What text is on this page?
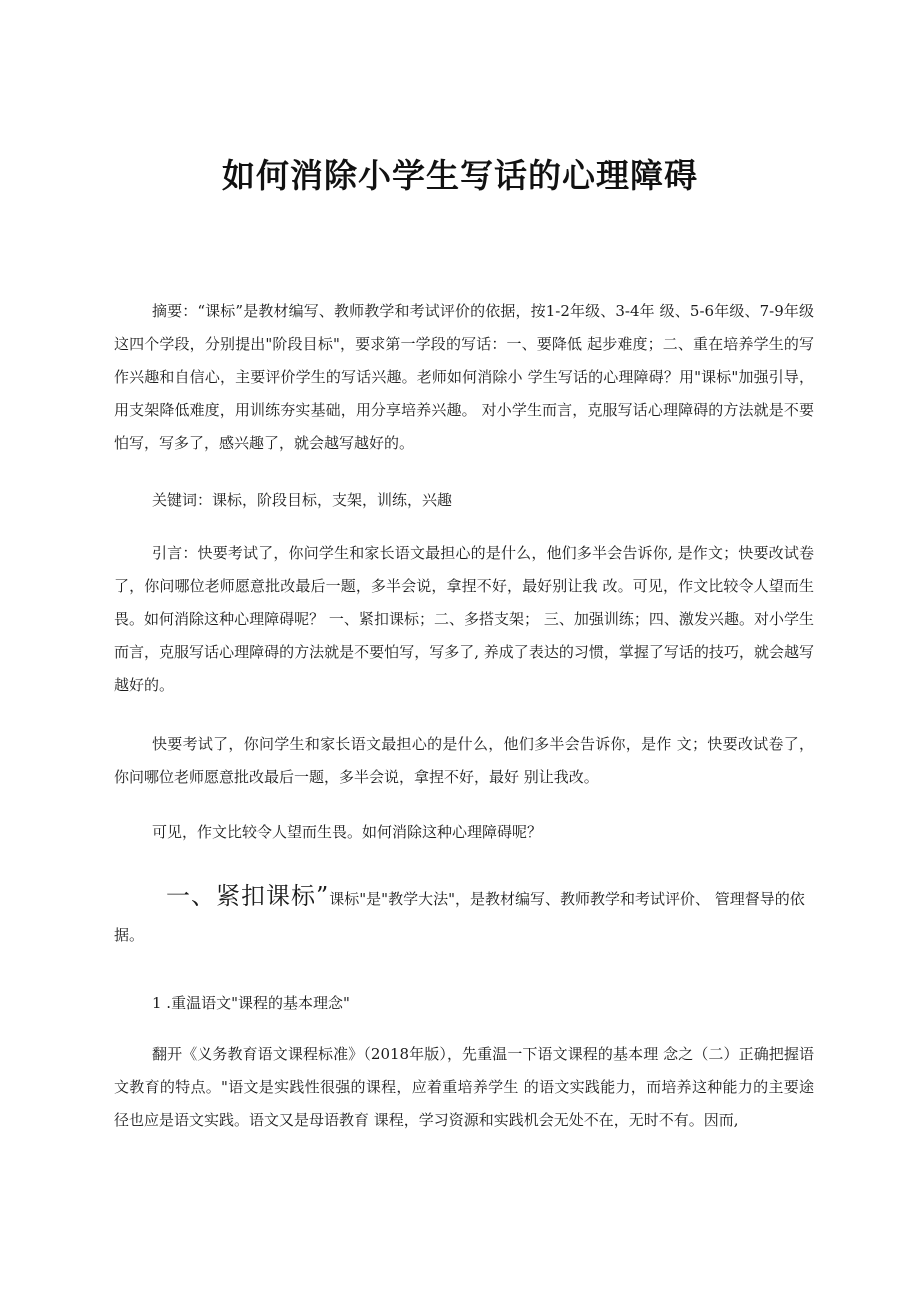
如何消除小学生写话的心理障碍

摘要：“课标”是教材编写、教师教学和考试评价的依据，按1-2年级、3-4年 级、5-6年级、7-9年级这四个学段，分别提出"阶段目标"，要求第一学段的写话：一、要降低 起步难度；二、重在培养学生的写作兴趣和自信心，主要评价学生的写话兴趣。老师如何消除小 学生写话的心理障碍？用"课标"加强引导，用支架降低难度，用训练夯实基础，用分享培养兴趣。 对小学生而言，克服写话心理障碍的方法就是不要怕写，写多了，感兴趣了，就会越写越好的。

关键词：课标，阶段目标，支架，训练，兴趣

引言：快要考试了，你问学生和家长语文最担心的是什么，他们多半会告诉你, 是作文；快要改试卷了，你问哪位老师愿意批改最后一题，多半会说，拿捏不好，最好别让我 改。可见，作文比较令人望而生畏。如何消除这种心理障碍呢？ 一、紧扣课标；二、多搭支架； 三、加强训练；四、激发兴趣。对小学生而言，克服写话心理障碍的方法就是不要怕写，写多了, 养成了表达的习惯，掌握了写话的技巧，就会越写越好的。

快要考试了，你问学生和家长语文最担心的是什么，他们多半会告诉你，是作 文；快要改试卷了，你问哪位老师愿意批改最后一题，多半会说，拿捏不好，最好 别让我改。

可见，作文比较令人望而生畏。如何消除这种心理障碍呢？

一、紧扣课标”课标"是"教学大法"，是教材编写、教师教学和考试评价、 管理督导的依据。

1 .重温语文"课程的基本理念"

翻开《义务教育语文课程标准》（2018年版），先重温一下语文课程的基本理 念之（二）正确把握语文教育的特点。"语文是实践性很强的课程，应着重培养学生 的语文实践能力，而培养这种能力的主要途径也应是语文实践。语文又是母语教育 课程，学习资源和实践机会无处不在，无时不有。因而,
